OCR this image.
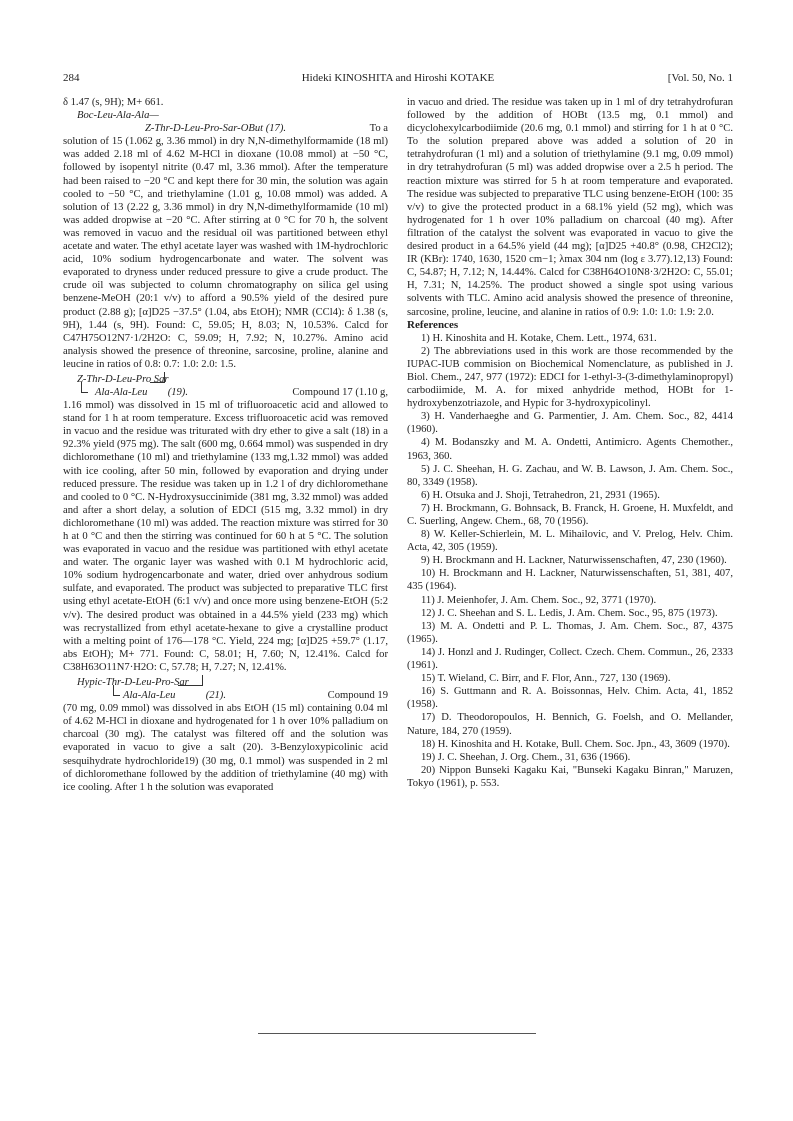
284	Hideki KINOSHITA and Hiroshi KOTAKE	[Vol. 50, No. 1

δ 1.47 (s, 9H); M+ 661.

Boc-Leu-Ala-Ala—

Z-Thr-D-Leu-Pro-Sar-OBut (17).	To a

solution of 15 (1.062 g, 3.36 mmol) in dry N,N-dimethylformamide (18 ml) was added 2.18 ml of 4.62 M-HCl in dioxane (10.08 mmol) at −50 °C, followed by isopentyl nitrite (0.47 ml, 3.36 mmol). After the temperature had been raised to −20 °C and kept there for 30 min, the solution was again cooled to −50 °C, and triethylamine (1.01 g, 10.08 mmol) was added. A solution of 13 (2.22 g, 3.36 mmol) in dry N,N-dimethylformamide (10 ml) was added dropwise at −20 °C. After stirring at 0 °C for 70 h, the solvent was removed in vacuo and the residual oil was partitioned between ethyl acetate and water. The ethyl acetate layer was washed with 1M-hydrochloric acid, 10% sodium hydrogencarbonate and water. The solvent was evaporated to dryness under reduced pressure to give a crude product. The crude oil was subjected to column chromatography on silica gel using benzene-MeOH (20:1 v/v) to afford a 90.5% yield of the desired pure product (2.88 g); [α]D25 −37.5° (1.04, abs EtOH); NMR (CCl4): δ 1.38 (s, 9H), 1.44 (s, 9H). Found: C, 59.05; H, 8.03; N, 10.53%. Calcd for C47H75O12N7·1/2H2O: C, 59.09; H, 7.92; N, 10.27%. Amino acid analysis showed the presence of threonine, sarcosine, proline, alanine and leucine in ratios of 0.8: 0.7: 1.0: 2.0: 1.5.

Z-Thr-D-Leu-Pro Sar

Ala-Ala-Leu (19).	Compound 17 (1.10 g,

1.16 mmol) was dissolved in 15 ml of trifluoroacetic acid and allowed to stand for 1 h at room temperature. Excess trifluoroacetic acid was removed in vacuo and the residue was triturated with dry ether to give a salt (18) in a 92.3% yield (975 mg). The salt (600 mg, 0.664 mmol) was suspended in dry dichloromethane (10 ml) and triethylamine (133 mg,1.32 mmol) was added with ice cooling, after 50 min, followed by evaporation and drying under reduced pressure. The residue was taken up in 1.2 l of dry dichloromethane and cooled to 0 °C. N-Hydroxysuccinimide (381 mg, 3.32 mmol) was added and after a short delay, a solution of EDCI (515 mg, 3.32 mmol) in dry dichloromethane (10 ml) was added. The reaction mixture was stirred for 30 h at 0 °C and then the stirring was continued for 60 h at 5 °C. The solution was evaporated in vacuo and the residue was partitioned with ethyl acetate and water. The organic layer was washed with 0.1 M hydrochloric acid, 10% sodium hydrogencarbonate and water, dried over anhydrous sodium sulfate, and evaporated. The product was subjected to preparative TLC first using ethyl acetate-EtOH (6:1 v/v) and once more using benzene-EtOH (5:2 v/v). The desired product was obtained in a 44.5% yield (233 mg) which was recrystallized from ethyl acetate-hexane to give a crystalline product with a melting point of 176—178 °C. Yield, 224 mg; [α]D25 +59.7° (1.17, abs EtOH); M+ 771. Found: C, 58.01; H, 7.60; N, 12.41%. Calcd for C38H63O11N7·H2O: C, 57.78; H, 7.27; N, 12.41%.

Hypic-Thr-D-Leu-Pro-Sar

Ala-Ala-Leu	(21).	Compound 19

(70 mg, 0.09 mmol) was dissolved in abs EtOH (15 ml) containing 0.04 ml of 4.62 M-HCl in dioxane and hydrogenated for 1 h over 10% palladium on charcoal (30 mg). The catalyst was filtered off and the solution was evaporated in vacuo to give a salt (20). 3-Benzyloxypicolinic acid sesquihydrate hydrochloride19) (30 mg, 0.1 mmol) was suspended in 2 ml of dichloromethane followed by the addition of triethylamine (40 mg) with ice cooling. After 1 h the solution was evaporated

in vacuo and dried. The residue was taken up in 1 ml of dry tetrahydrofuran followed by the addition of HOBt (13.5 mg, 0.1 mmol) and dicyclohexylcarbodiimide (20.6 mg, 0.1 mmol) and stirring for 1 h at 0 °C. To the solution prepared above was added a solution of 20 in tetrahydrofuran (1 ml) and a solution of triethylamine (9.1 mg, 0.09 mmol) in dry tetrahydrofuran (5 ml) was added dropwise over a 2.5 h period. The reaction mixture was stirred for 5 h at room temperature and evaporated. The residue was subjected to preparative TLC using benzene-EtOH (100: 35 v/v) to give the protected product in a 68.1% yield (52 mg), which was hydrogenated for 1 h over 10% palladium on charcoal (40 mg). After filtration of the catalyst the solvent was evaporated in vacuo to give the desired product in a 64.5% yield (44 mg); [α]D25 +40.8° (0.98, CH2Cl2); IR (KBr): 1740, 1630, 1520 cm−1; λmax 304 nm (log ε 3.77).12,13) Found: C, 54.87; H, 7.12; N, 14.44%. Calcd for C38H64O10N8·3/2H2O: C, 55.01; H, 7.31; N, 14.25%. The product showed a single spot using various solvents with TLC. Amino acid analysis showed the presence of threonine, sarcosine, proline, leucine, and alanine in ratios of 0.9: 1.0: 1.0: 1.9: 2.0.

References

1) H. Kinoshita and H. Kotake, Chem. Lett., 1974, 631.

2) The abbreviations used in this work are those recommended by the IUPAC-IUB commision on Biochemical Nomenclature, as published in J. Biol. Chem., 247, 977 (1972): EDCI for 1-ethyl-3-(3-dimethylaminopropyl) carbodiimide, M. A. for mixed anhydride method, HOBt for 1-hydroxybenzotriazole, and Hypic for 3-hydroxypicolinyl.

3) H. Vanderhaeghe and G. Parmentier, J. Am. Chem. Soc., 82, 4414 (1960).

4) M. Bodanszky and M. A. Ondetti, Antimicro. Agents Chemother., 1963, 360.

5) J. C. Sheehan, H. G. Zachau, and W. B. Lawson, J. Am. Chem. Soc., 80, 3349 (1958).

6) H. Otsuka and J. Shoji, Tetrahedron, 21, 2931 (1965).

7) H. Brockmann, G. Bohnsack, B. Franck, H. Groene, H. Muxfeldt, and C. Suerling, Angew. Chem., 68, 70 (1956).

8) W. Keller-Schierlein, M. L. Mihailovic, and V. Prelog, Helv. Chim. Acta, 42, 305 (1959).

9) H. Brockmann and H. Lackner, Naturwissenschaften, 47, 230 (1960).

10) H. Brockmann and H. Lackner, Naturwissenschaften, 51, 381, 407, 435 (1964).

11) J. Meienhofer, J. Am. Chem. Soc., 92, 3771 (1970).

12) J. C. Sheehan and S. L. Ledis, J. Am. Chem. Soc., 95, 875 (1973).

13) M. A. Ondetti and P. L. Thomas, J. Am. Chem. Soc., 87, 4375 (1965).

14) J. Honzl and J. Rudinger, Collect. Czech. Chem. Commun., 26, 2333 (1961).

15) T. Wieland, C. Birr, and F. Flor, Ann., 727, 130 (1969).

16) S. Guttmann and R. A. Boissonnas, Helv. Chim. Acta, 41, 1852 (1958).

17) D. Theodoropoulos, H. Bennich, G. Foelsh, and O. Mellander, Nature, 184, 270 (1959).

18) H. Kinoshita and H. Kotake, Bull. Chem. Soc. Jpn., 43, 3609 (1970).

19) J. C. Sheehan, J. Org. Chem., 31, 636 (1966).

20) Nippon Bunseki Kagaku Kai, "Bunseki Kagaku Binran," Maruzen, Tokyo (1961), p. 553.
